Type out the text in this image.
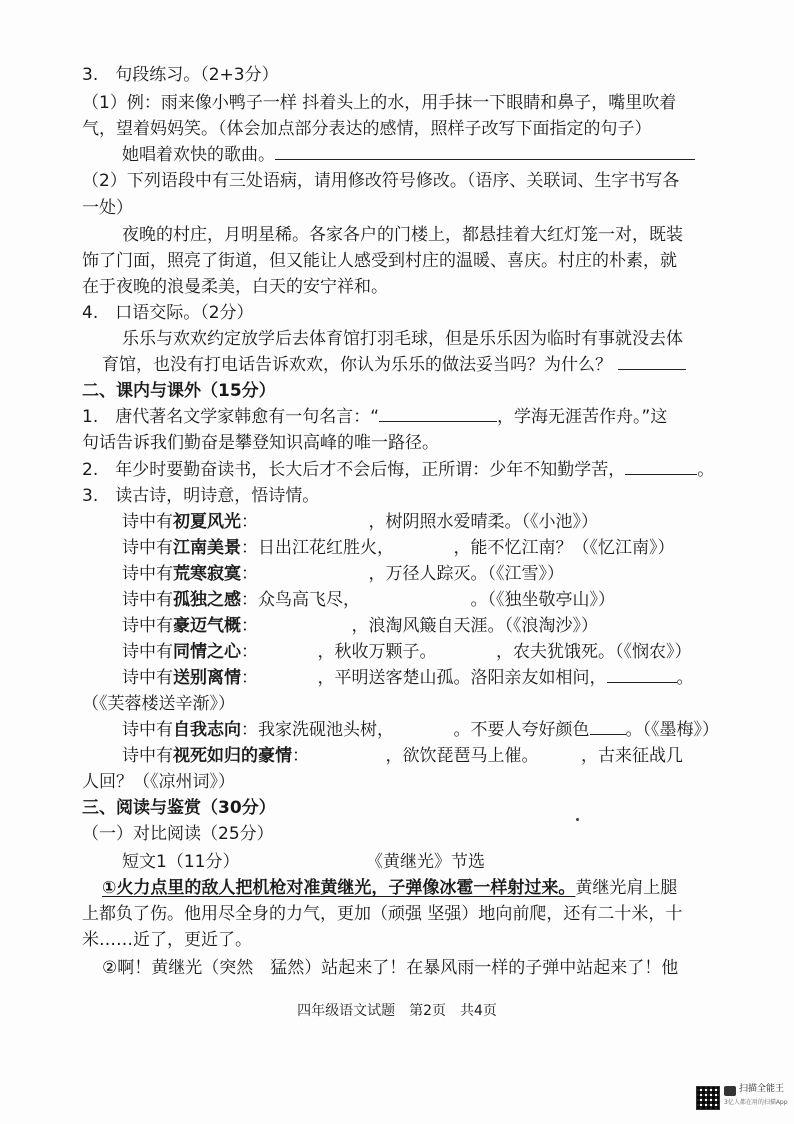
3.　句段练习。（2+3分）
（1）例：雨来像小鸭子一样 抖着头上的水，用手抹一下眼睛和鼻子，嘴里吹着
气，望着妈妈笑。（体会加点部分表达的感情，照样子改写下面指定的句子）
她唱着欢快的歌曲。
（2）下列语段中有三处语病，请用修改符号修改。（语序、关联词、生字书写各
一处）
夜晚的村庄，月明星稀。各家各户的门楼上，都悬挂着大红灯笼一对，既装
饰了门面，照亮了街道，但又能让人感受到村庄的温暖、喜庆。村庄的朴素，就
在于夜晚的浪曼柔美，白天的安宁祥和。
4.　口语交际。（2分）
乐乐与欢欢约定放学后去体育馆打羽毛球，但是乐乐因为临时有事就没去体
育馆，也没有打电话告诉欢欢，你认为乐乐的做法妥当吗？为什么？
二、课内与课外（15分）
1.　唐代著名文学家韩愈有一句名言：“	，学海无涯苦作舟。”这
句话告诉我们勤奋是攀登知识高峰的唯一路径。
2.　年少时要勤奋读书，长大后才不会后悔，正所谓：少年不知勤学苦，	。
3.　读古诗，明诗意，悟诗情。
诗中有初夏风光：　　　　　　　，树阴照水爱晴柔。（《小池》）
诗中有江南美景：日出江花红胜火，　　　　，能不忆江南？（《忆江南》）
诗中有荒寒寂寞：　　　　　　　，万径人踪灭。（《江雪》）
诗中有孤独之感：众鸟高飞尽，　　　　　　　。（《独坐敬亭山》）
诗中有豪迈气概：　　　　　　，浪淘风簸自天涯。（《浪淘沙》）
诗中有同情之心：　　　　，秋收万颗子。　　　　，农夫犹饿死。（《悯农》）
诗中有送别离情：　　　　，平明送客楚山孤。洛阳亲友如相问，	。
（《芙蓉楼送辛渐》）
诗中有自我志向：我家洗砚池头树，　　　　。不要人夸好颜色 。（《墨梅》）
诗中有视死如归的豪情：　　　　　，欲饮琵琶马上催。　　　，古来征战几
人回？（《凉州词》）
三、阅读与鉴赏（30分）
（一）对比阅读（25分）
短文1（11分）	《黄继光》节选
①火力点里的敌人把机枪对准黄继光，子弹像冰雹一样射过来。黄继光肩上腿
上都负了伤。他用尽全身的力气，更加（顽强 坚强）地向前爬，还有二十米，十
米……近了，更近了。
②啊！黄继光（突然　猛然）站起来了！在暴风雨一样的子弹中站起来了！他
四年级语文试题　第2页　共4页
扫描全能王
3亿人都在用的扫描App
